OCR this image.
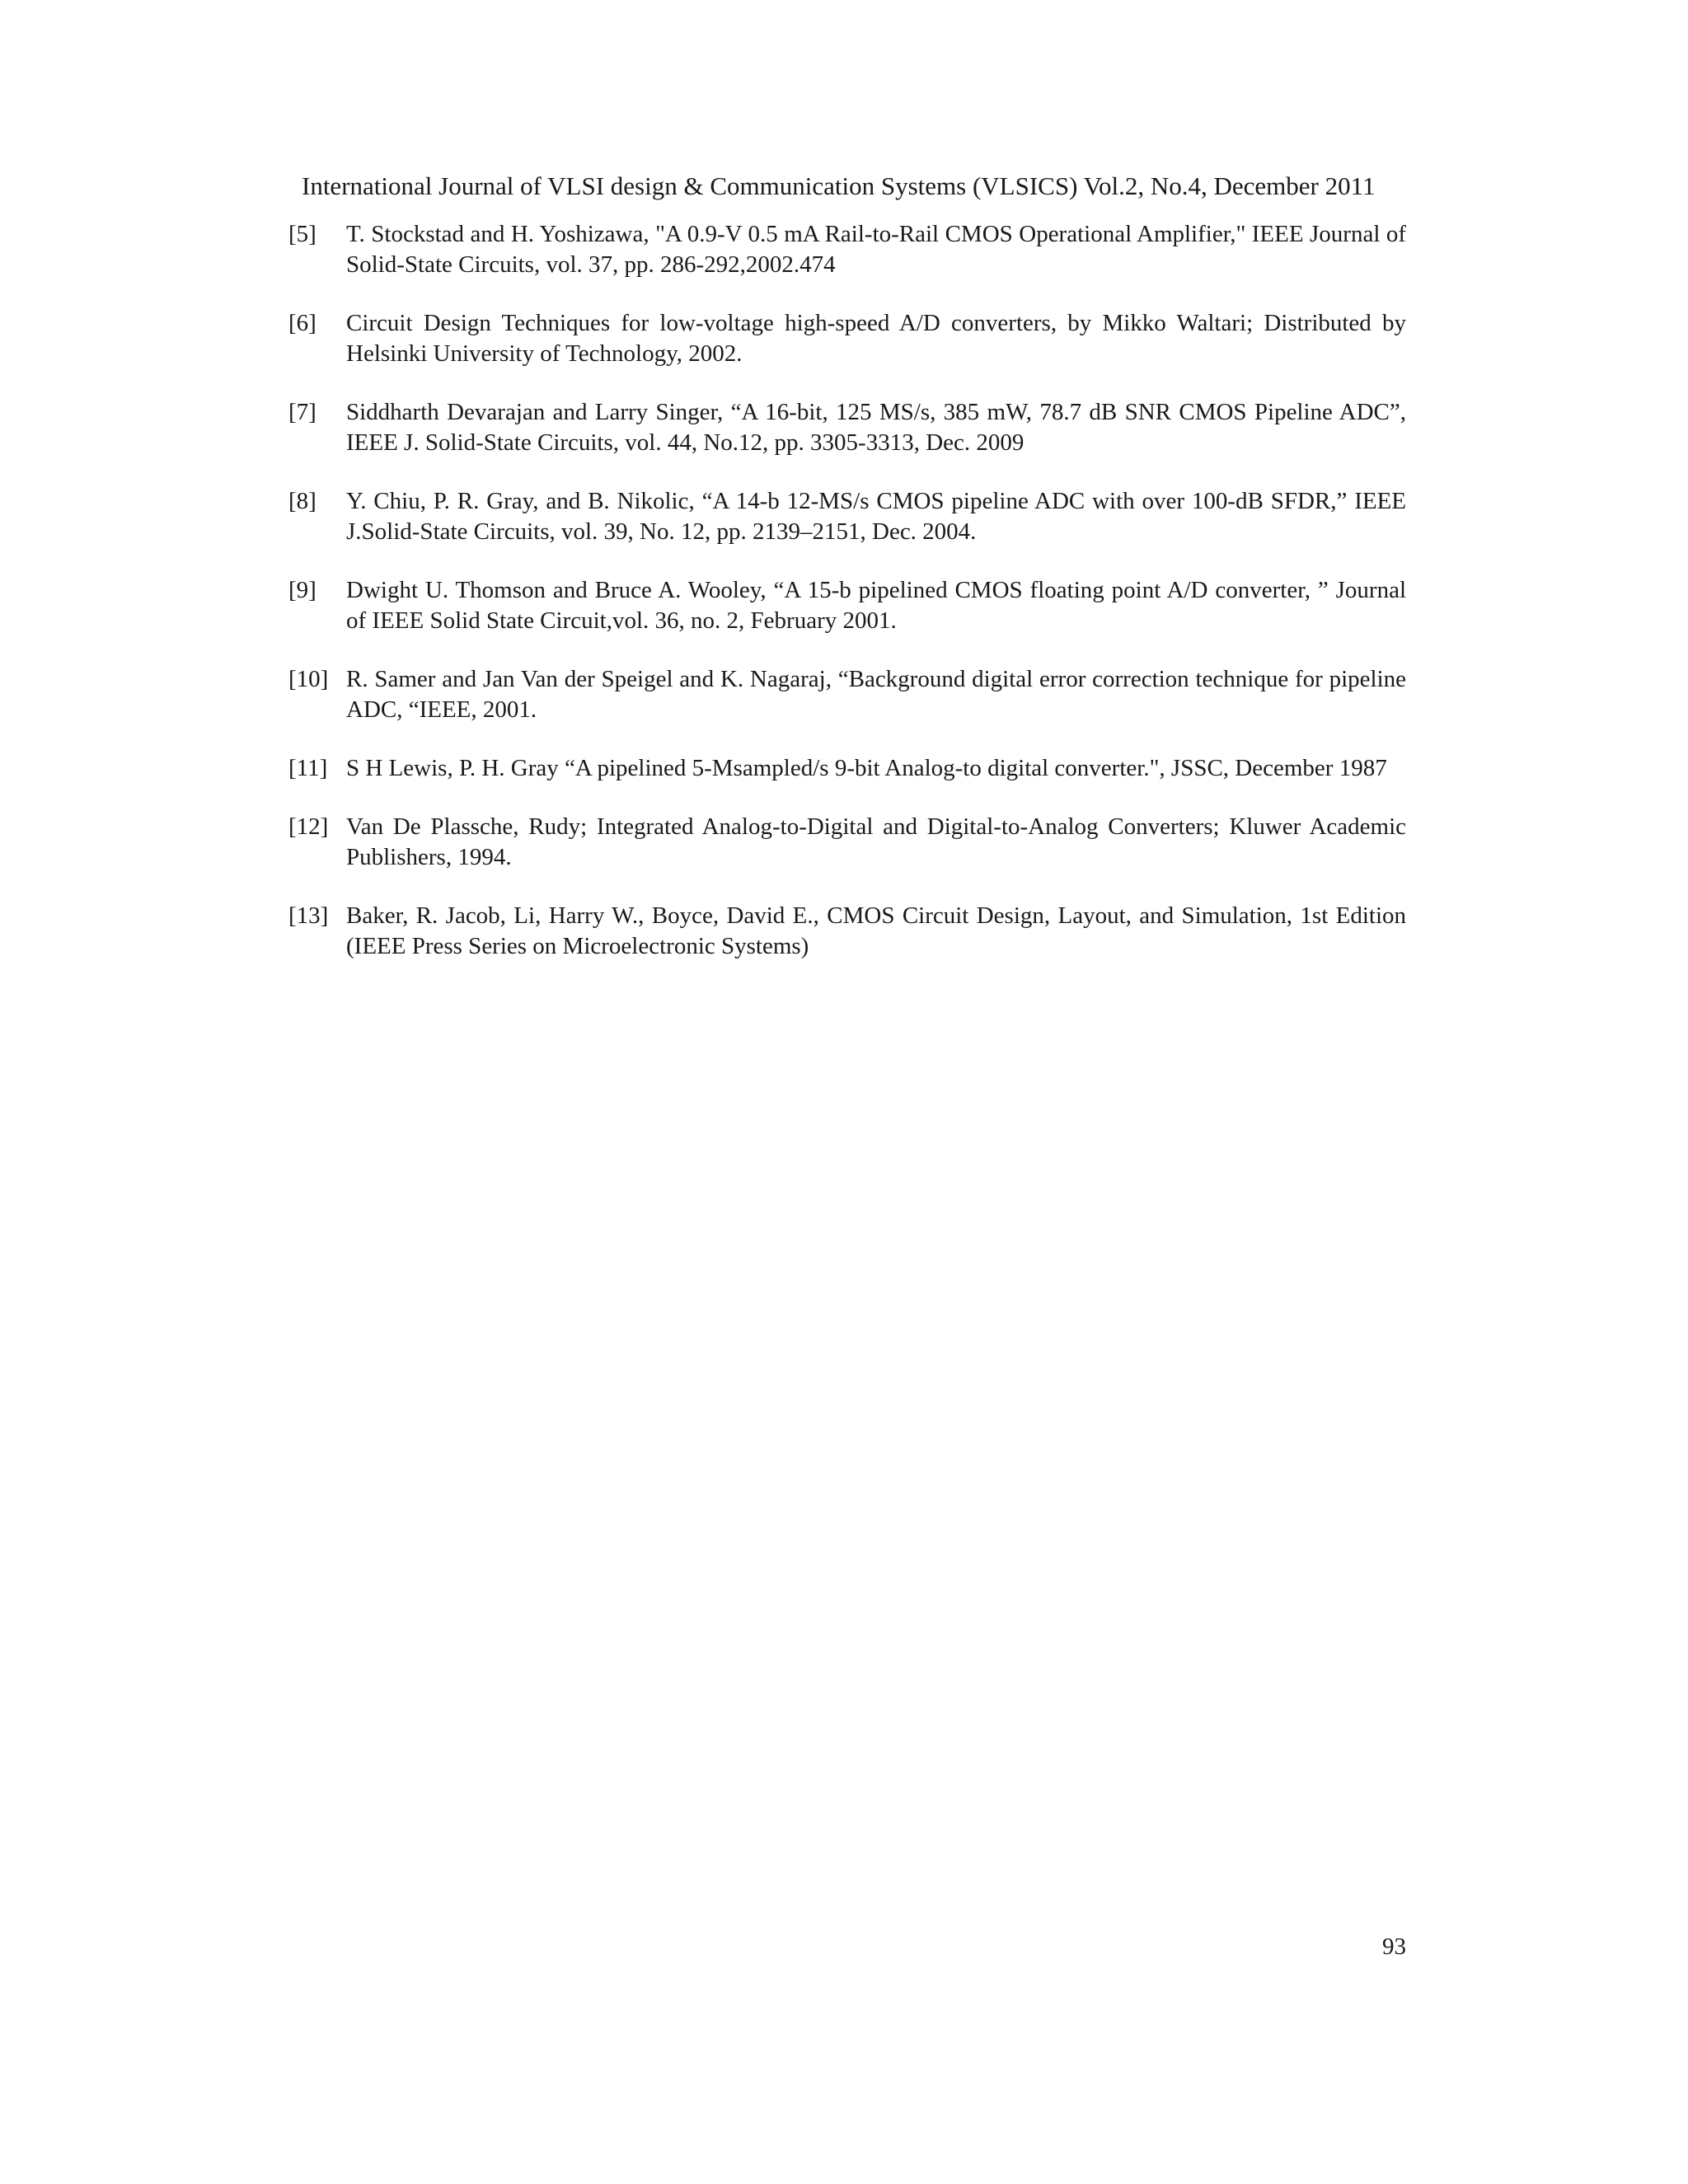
International Journal of VLSI design & Communication Systems (VLSICS) Vol.2, No.4, December 2011
[5] T. Stockstad and H. Yoshizawa, "A 0.9-V 0.5 mA Rail-to-Rail CMOS Operational Amplifier," IEEE Journal of Solid-State Circuits, vol. 37, pp. 286-292,2002.474
[6] Circuit Design Techniques for low-voltage high-speed A/D converters, by Mikko Waltari; Distributed by Helsinki University of Technology, 2002.
[7] Siddharth Devarajan and Larry Singer, “A 16-bit, 125 MS/s, 385 mW, 78.7 dB SNR CMOS Pipeline ADC”, IEEE J. Solid-State Circuits, vol. 44, No.12, pp. 3305-3313, Dec. 2009
[8] Y. Chiu, P. R. Gray, and B. Nikolic, “A 14-b 12-MS/s CMOS pipeline ADC with over 100-dB SFDR,” IEEE J.Solid-State Circuits, vol. 39, No. 12, pp. 2139–2151, Dec. 2004.
[9] Dwight U. Thomson and Bruce A. Wooley, “A 15-b pipelined CMOS floating point A/D converter, ” Journal of IEEE Solid State Circuit,vol. 36, no. 2, February 2001.
[10] R. Samer and Jan Van der Speigel and K. Nagaraj, “Background digital error correction technique for pipeline ADC, “IEEE, 2001.
[11] S H Lewis, P. H. Gray “A pipelined 5-Msampled/s 9-bit Analog-to digital converter.", JSSC, December 1987
[12] Van De Plassche, Rudy; Integrated Analog-to-Digital and Digital-to-Analog Converters; Kluwer Academic Publishers, 1994.
[13] Baker, R. Jacob, Li, Harry W., Boyce, David E., CMOS Circuit Design, Layout, and Simulation, 1st Edition (IEEE Press Series on Microelectronic Systems)
93
